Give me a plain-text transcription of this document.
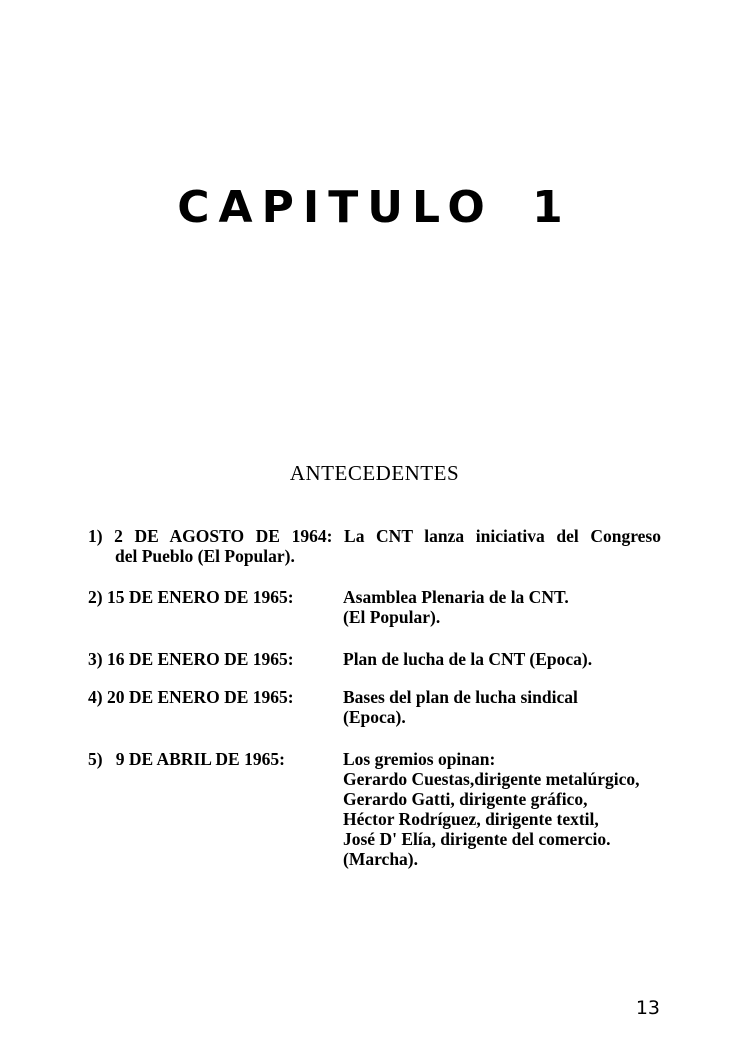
CAPITULO 1
ANTECEDENTES
1) 2 DE AGOSTO DE 1964: La CNT lanza iniciativa del Congreso
del Pueblo (El Popular).
2) 15 DE ENERO DE 1965:	Asamblea Plenaria de la CNT.
(El Popular).
3) 16 DE ENERO DE 1965:	Plan de lucha de la CNT (Epoca).
4) 20 DE ENERO DE 1965:	Bases del plan de lucha sindical
(Epoca).
5)   9 DE ABRIL DE 1965:	Los gremios opinan:
Gerardo Cuestas,dirigente metalúrgico,
Gerardo Gatti, dirigente gráfico,
Héctor Rodríguez, dirigente textil,
José D' Elía, dirigente del comercio.
(Marcha).
13
